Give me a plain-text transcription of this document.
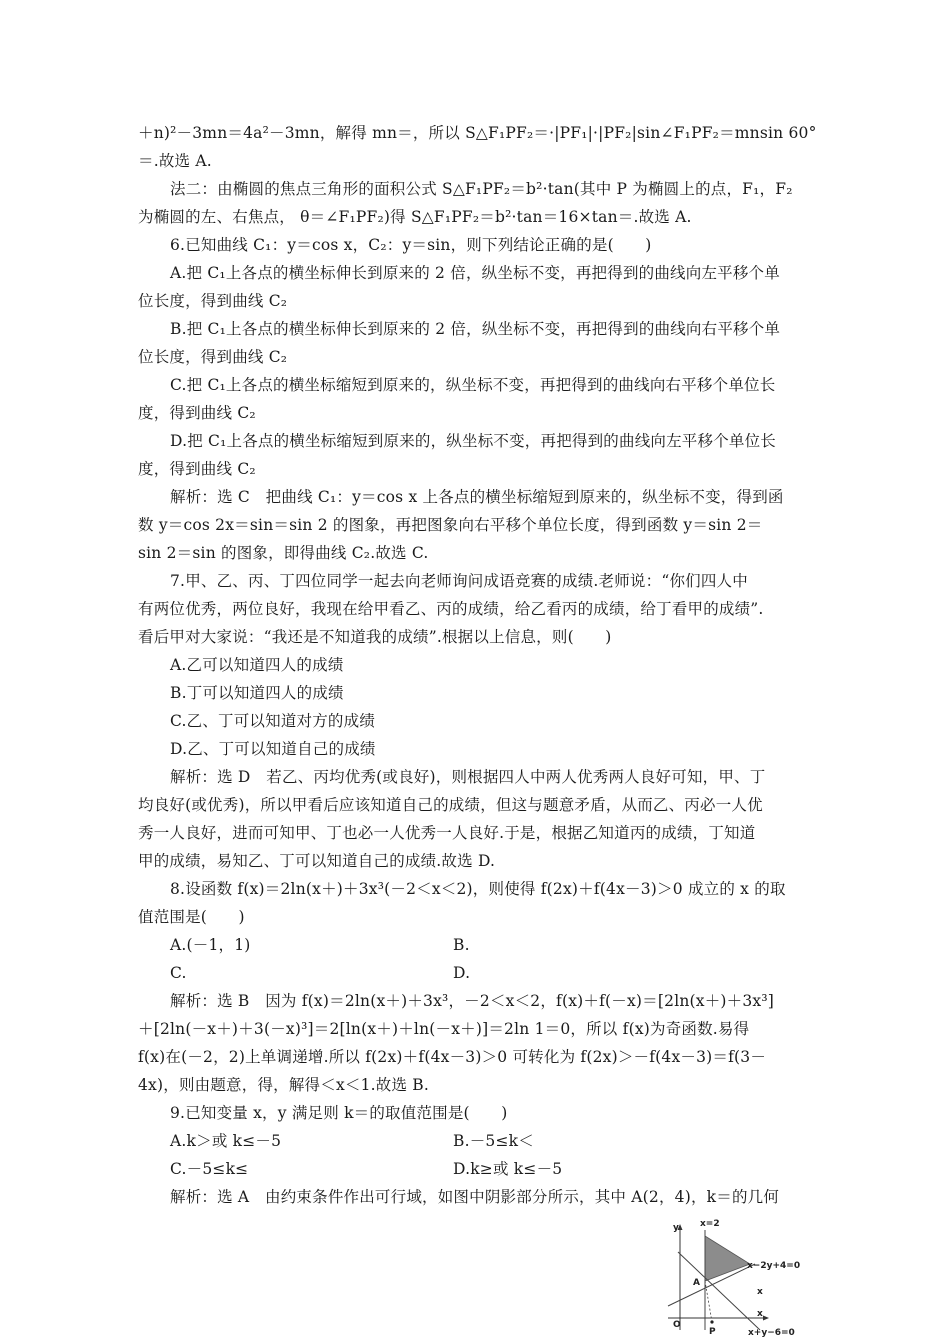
＋n)²－3mn＝4a²－3mn，解得 mn＝，所以 S△F₁PF₂＝·|PF₁|·|PF₂|sin∠F₁PF₂＝mnsin 60°
＝.故选 A.
法二：由椭圆的焦点三角形的面积公式 S△F₁PF₂＝b²·tan(其中 P 为椭圆上的点，F₁，F₂
为椭圆的左、右焦点， θ＝∠F₁PF₂)得 S△F₁PF₂＝b²·tan＝16×tan＝.故选 A.
6.已知曲线 C₁：y＝cos x，C₂：y＝sin，则下列结论正确的是(　　)
A.把 C₁上各点的横坐标伸长到原来的 2 倍，纵坐标不变，再把得到的曲线向左平移个单
位长度，得到曲线 C₂
B.把 C₁上各点的横坐标伸长到原来的 2 倍，纵坐标不变，再把得到的曲线向右平移个单
位长度，得到曲线 C₂
C.把 C₁上各点的横坐标缩短到原来的，纵坐标不变，再把得到的曲线向右平移个单位长
度，得到曲线 C₂
D.把 C₁上各点的横坐标缩短到原来的，纵坐标不变，再把得到的曲线向左平移个单位长
度，得到曲线 C₂
解析：选 C　把曲线 C₁：y＝cos x 上各点的横坐标缩短到原来的，纵坐标不变，得到函
数 y＝cos 2x＝sin＝sin 2 的图象，再把图象向右平移个单位长度，得到函数 y＝sin 2＝
sin 2＝sin 的图象，即得曲线 C₂.故选 C.
7.甲、乙、丙、丁四位同学一起去向老师询问成语竞赛的成绩.老师说：“你们四人中
有两位优秀，两位良好，我现在给甲看乙、丙的成绩，给乙看丙的成绩，给丁看甲的成绩”.
看后甲对大家说：“我还是不知道我的成绩”.根据以上信息，则(　　)
A.乙可以知道四人的成绩
B.丁可以知道四人的成绩
C.乙、丁可以知道对方的成绩
D.乙、丁可以知道自己的成绩
解析：选 D　若乙、丙均优秀(或良好)，则根据四人中两人优秀两人良好可知，甲、丁
均良好(或优秀)，所以甲看后应该知道自己的成绩，但这与题意矛盾，从而乙、丙必一人优
秀一人良好，进而可知甲、丁也必一人优秀一人良好.于是，根据乙知道丙的成绩，丁知道
甲的成绩，易知乙、丁可以知道自己的成绩.故选 D.
8.设函数 f(x)＝2ln(x＋)＋3x³(－2＜x＜2)，则使得 f(2x)＋f(4x－3)＞0 成立的 x 的取
值范围是(　　)
A.(－1，1)	B.
C.	D.
解析：选 B　因为 f(x)＝2ln(x＋)＋3x³，－2＜x＜2，f(x)＋f(－x)＝[2ln(x＋)＋3x³]
＋[2ln(－x＋)＋3(－x)³]＝2[ln(x＋)＋ln(－x＋)]＝2ln 1＝0，所以 f(x)为奇函数.易得
f(x)在(－2，2)上单调递增.所以 f(2x)＋f(4x－3)＞0 可转化为 f(2x)＞－f(4x－3)＝f(3－
4x)，则由题意，得，解得＜x＜1.故选 B.
9.已知变量 x，y 满足则 k＝的取值范围是(　　)
A.k＞或 k≤－5	B.－5≤k＜
C.－5≤k≤	D.k≥或 k≤－5
解析：选 A　由约束条件作出可行域，如图中阴影部分所示，其中 A(2，4)，k＝的几何
y x=2
x−2y+4=0
x
A
x
O
P	x+y−6=0
